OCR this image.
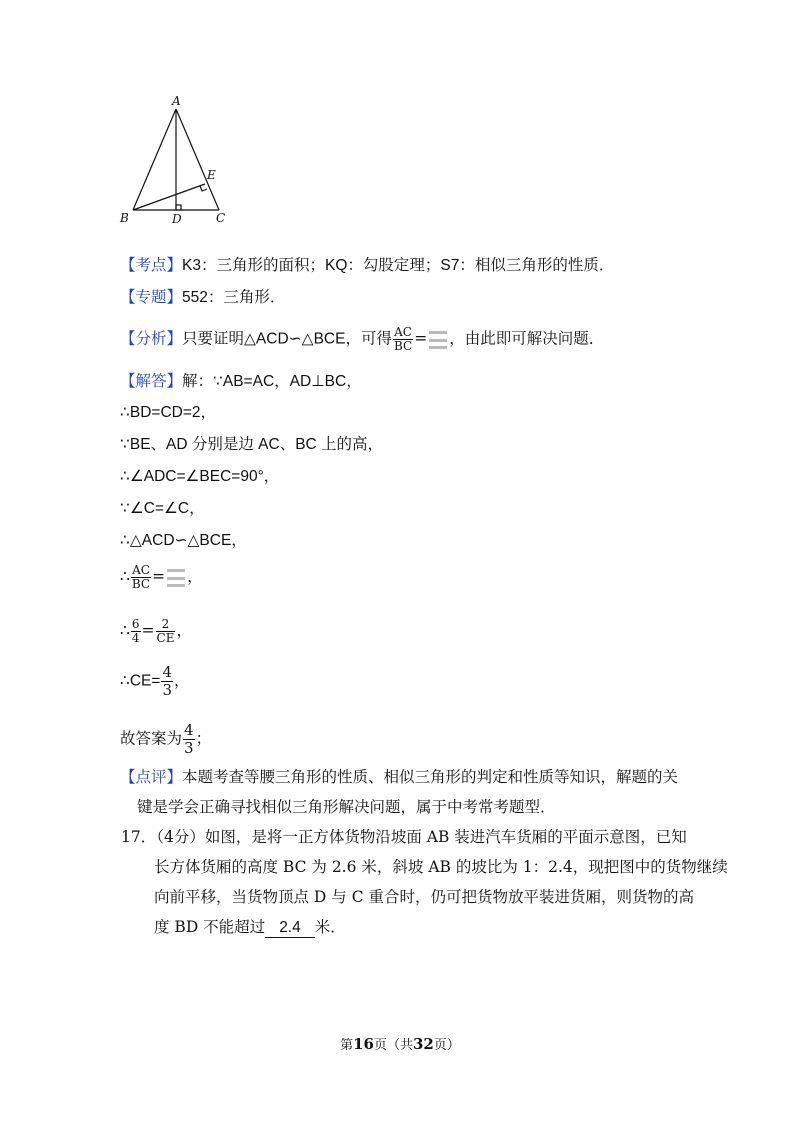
A
B	C
D
E
【考点】K3：三角形的面积；KQ：勾股定理；S7：相似三角形的性质．
【专题】552：三角形．
【分析】只要证明△ACD∽△BCE，可得 $\frac{AC}{BC}$ = ，由此即可解决问题．
【解答】解：∵AB=AC，AD⊥BC，
∴BD=CD=2，
∵BE、AD 分别是边 AC、BC 上的高，
∴∠ADC=∠BEC=90°，
∵∠C=∠C，
∴△ACD∽△BCE，
∴ $\frac{AC}{BC}$ = ，
∴ $\frac{6}{4} = \frac{2}{CE}$ ，
∴CE= $\frac{4}{3}$ ，
故答案为 $\frac{4}{3}$ ；
【点评】本题考查等腰三角形的性质、相似三角形的判定和性质等知识，解题的关
键是学会正确寻找相似三角形解决问题，属于中考常考题型．
17．（4分）如图，是将一正方体货物沿坡面 AB 装进汽车货厢的平面示意图，已知
长方体货厢的高度 BC 为 2.6 米，斜坡 AB 的坡比为 1：2.4，现把图中的货物继续
向前平移，当货物顶点 D 与 C 重合时，仍可把货物放平装进货厢，则货物的高
度 BD 不能超过 2.4 米．
第16页（共32页）
